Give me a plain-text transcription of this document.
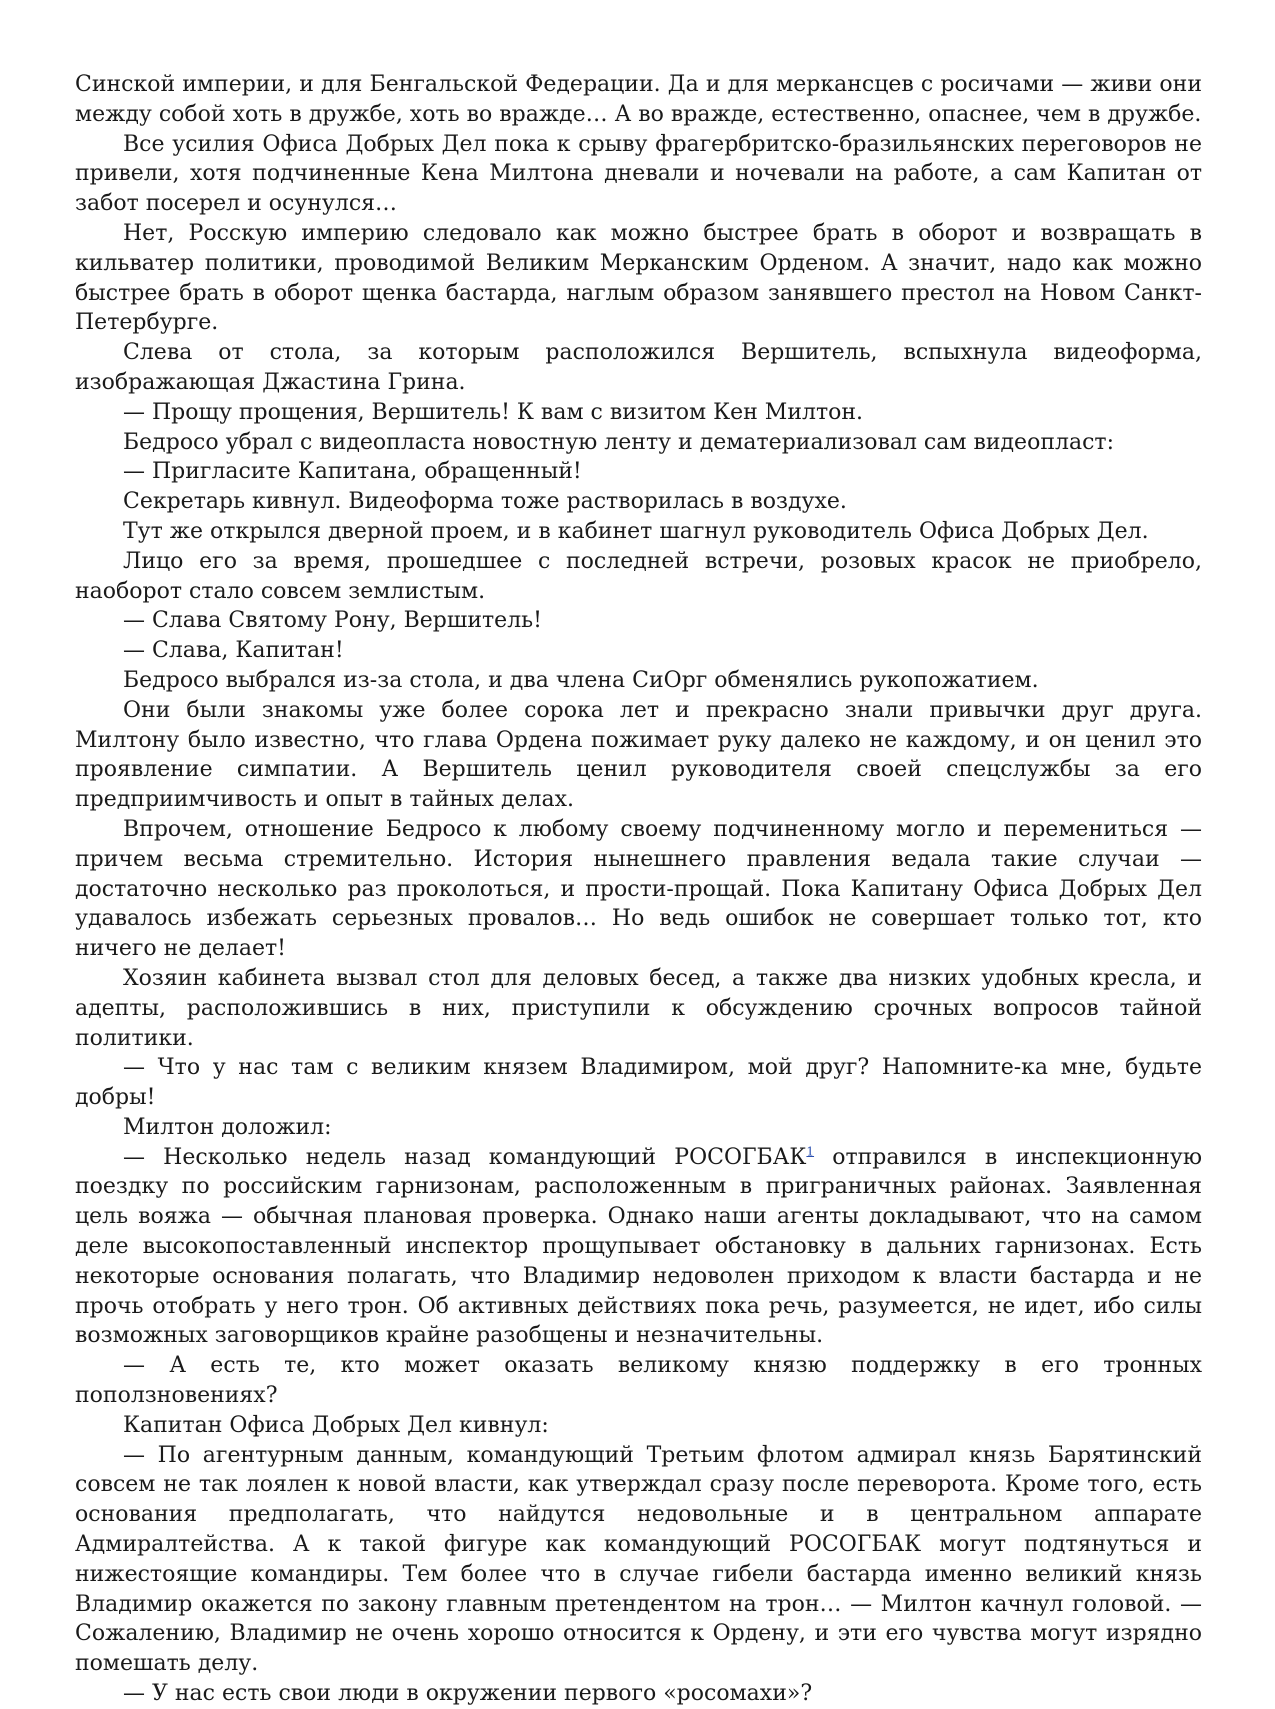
Синской империи, и для Бенгальской Федерации. Да и для меркансцев с росичами — живи они между собой хоть в дружбе, хоть во вражде… А во вражде, естественно, опаснее, чем в дружбе.

Все усилия Офиса Добрых Дел пока к срыву фрагербритско-бразильянских переговоров не привели, хотя подчиненные Кена Милтона дневали и ночевали на работе, а сам Капитан от забот посерел и осунулся…

Нет, Росскую империю следовало как можно быстрее брать в оборот и возвращать в кильватер политики, проводимой Великим Мерканским Орденом. А значит, надо как можно быстрее брать в оборот щенка бастарда, наглым образом занявшего престол на Новом Санкт-Петербурге.

Слева от стола, за которым расположился Вершитель, вспыхнула видеоформа, изображающая Джастина Грина.

— Прощу прощения, Вершитель! К вам с визитом Кен Милтон.

Бедросо убрал с видеопласта новостную ленту и дематериализовал сам видеопласт:

— Пригласите Капитана, обращенный!

Секретарь кивнул. Видеоформа тоже растворилась в воздухе.

Тут же открылся дверной проем, и в кабинет шагнул руководитель Офиса Добрых Дел.

Лицо его за время, прошедшее с последней встречи, розовых красок не приобрело, наоборот стало совсем землистым.

— Слава Святому Рону, Вершитель!

— Слава, Капитан!

Бедросо выбрался из-за стола, и два члена СиОрг обменялись рукопожатием.

Они были знакомы уже более сорока лет и прекрасно знали привычки друг друга. Милтону было известно, что глава Ордена пожимает руку далеко не каждому, и он ценил это проявление симпатии. А Вершитель ценил руководителя своей спецслужбы за его предприимчивость и опыт в тайных делах.

Впрочем, отношение Бедросо к любому своему подчиненному могло и перемениться — причем весьма стремительно. История нынешнего правления ведала такие случаи — достаточно несколько раз проколоться, и прости-прощай. Пока Капитану Офиса Добрых Дел удавалось избежать серьезных провалов… Но ведь ошибок не совершает только тот, кто ничего не делает!

Хозяин кабинета вызвал стол для деловых бесед, а также два низких удобных кресла, и адепты, расположившись в них, приступили к обсуждению срочных вопросов тайной политики.

— Что у нас там с великим князем Владимиром, мой друг? Напомните-ка мне, будьте добры!

Милтон доложил:

— Несколько недель назад командующий РОСОГБАК$^1$ отправился в инспекционную поездку по российским гарнизонам, расположенным в приграничных районах. Заявленная цель вояжа — обычная плановая проверка. Однако наши агенты докладывают, что на самом деле высокопоставленный инспектор прощупывает обстановку в дальних гарнизонах. Есть некоторые основания полагать, что Владимир недоволен приходом к власти бастарда и не прочь отобрать у него трон. Об активных действиях пока речь, разумеется, не идет, ибо силы возможных заговорщиков крайне разобщены и незначительны.

— А есть те, кто может оказать великому князю поддержку в его тронных поползновениях?

Капитан Офиса Добрых Дел кивнул:

— По агентурным данным, командующий Третьим флотом адмирал князь Барятинский совсем не так лоялен к новой власти, как утверждал сразу после переворота. Кроме того, есть основания предполагать, что найдутся недовольные и в центральном аппарате Адмиралтейства. А к такой фигуре как командующий РОСОГБАК могут подтянуться и нижестоящие командиры. Тем более что в случае гибели бастарда именно великий князь Владимир окажется по закону главным претендентом на трон… — Милтон качнул головой. — Сожалению, Владимир не очень хорошо относится к Ордену, и эти его чувства могут изрядно помешать делу.

— У нас есть свои люди в окружении первого «росомахи»?
